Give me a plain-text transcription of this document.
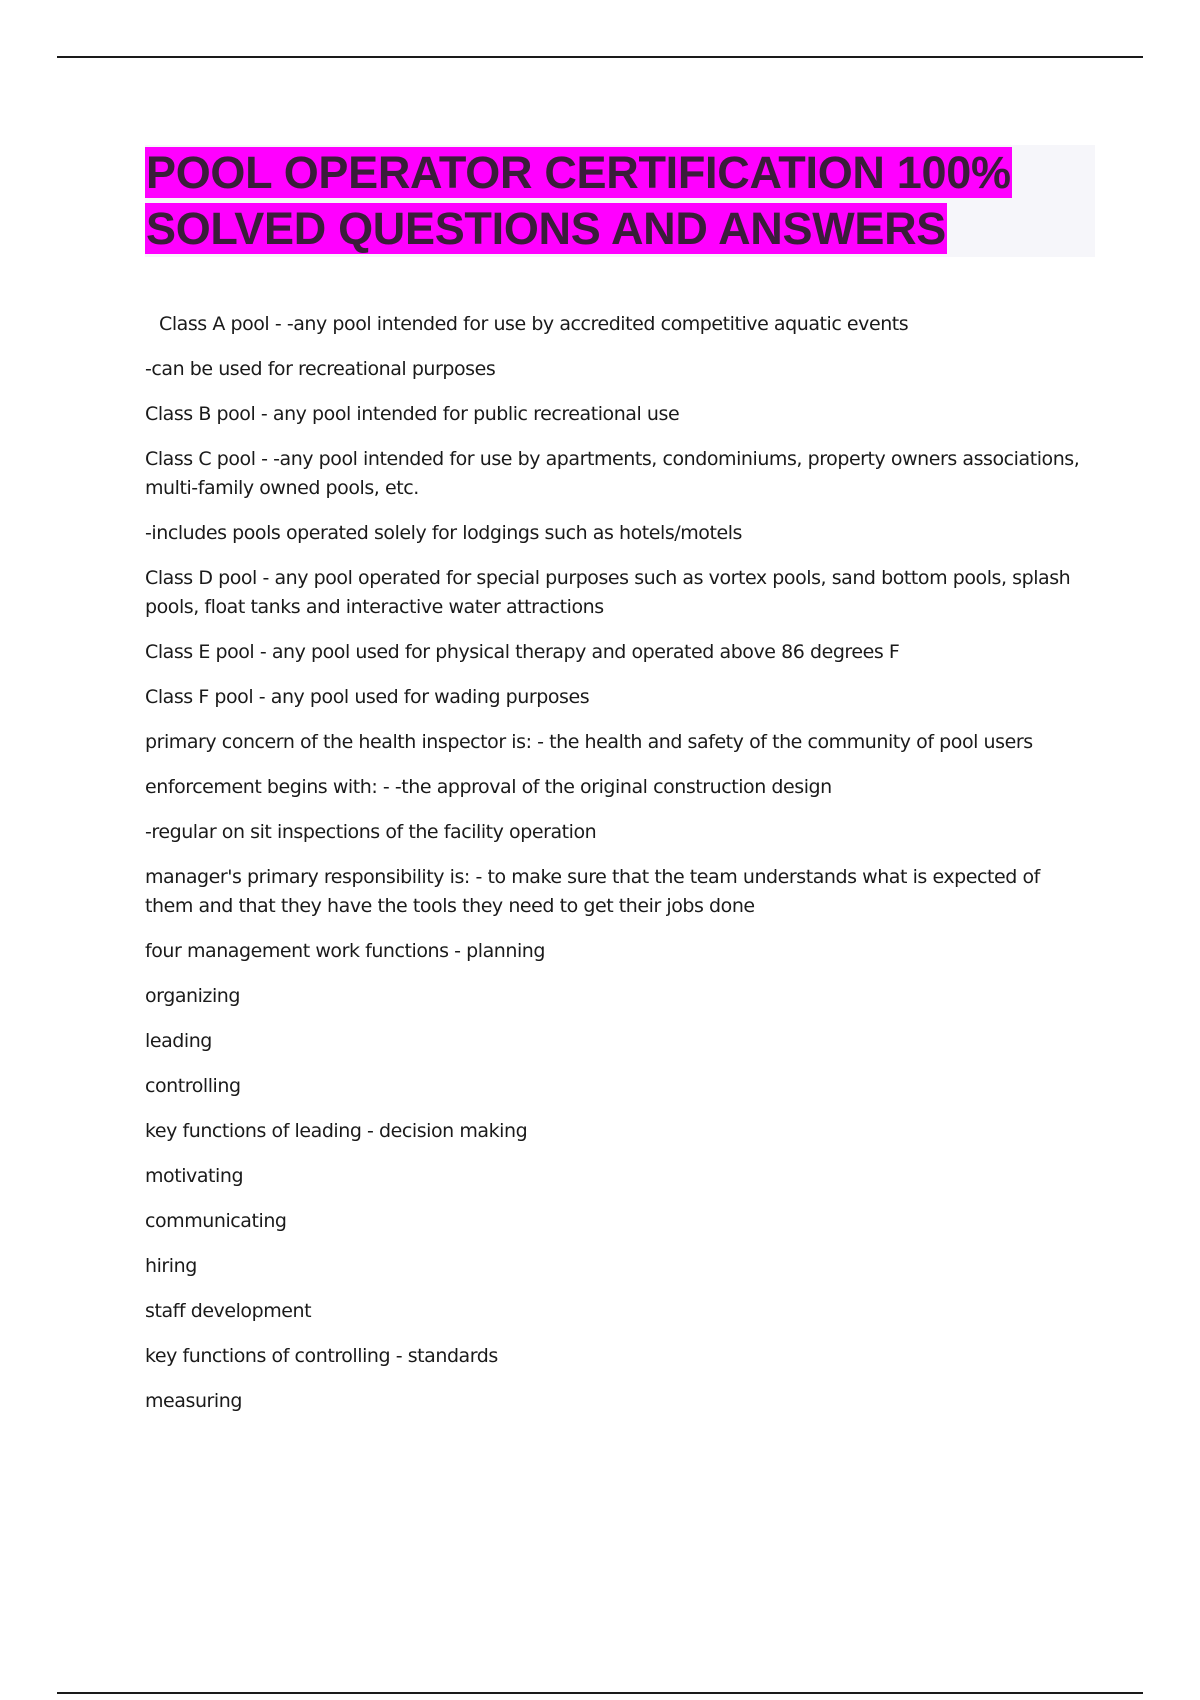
POOL OPERATOR CERTIFICATION 100%
SOLVED QUESTIONS AND ANSWERS

Class A pool - -any pool intended for use by accredited competitive aquatic events

-can be used for recreational purposes

Class B pool - any pool intended for public recreational use

Class C pool - -any pool intended for use by apartments, condominiums, property owners associations, multi-family owned pools, etc.

-includes pools operated solely for lodgings such as hotels/motels

Class D pool - any pool operated for special purposes such as vortex pools, sand bottom pools, splash pools, float tanks and interactive water attractions

Class E pool - any pool used for physical therapy and operated above 86 degrees F

Class F pool - any pool used for wading purposes

primary concern of the health inspector is: - the health and safety of the community of pool users

enforcement begins with: - -the approval of the original construction design

-regular on sit inspections of the facility operation

manager's primary responsibility is: - to make sure that the team understands what is expected of them and that they have the tools they need to get their jobs done

four management work functions - planning

organizing

leading

controlling

key functions of leading - decision making

motivating

communicating

hiring

staff development

key functions of controlling - standards

measuring
